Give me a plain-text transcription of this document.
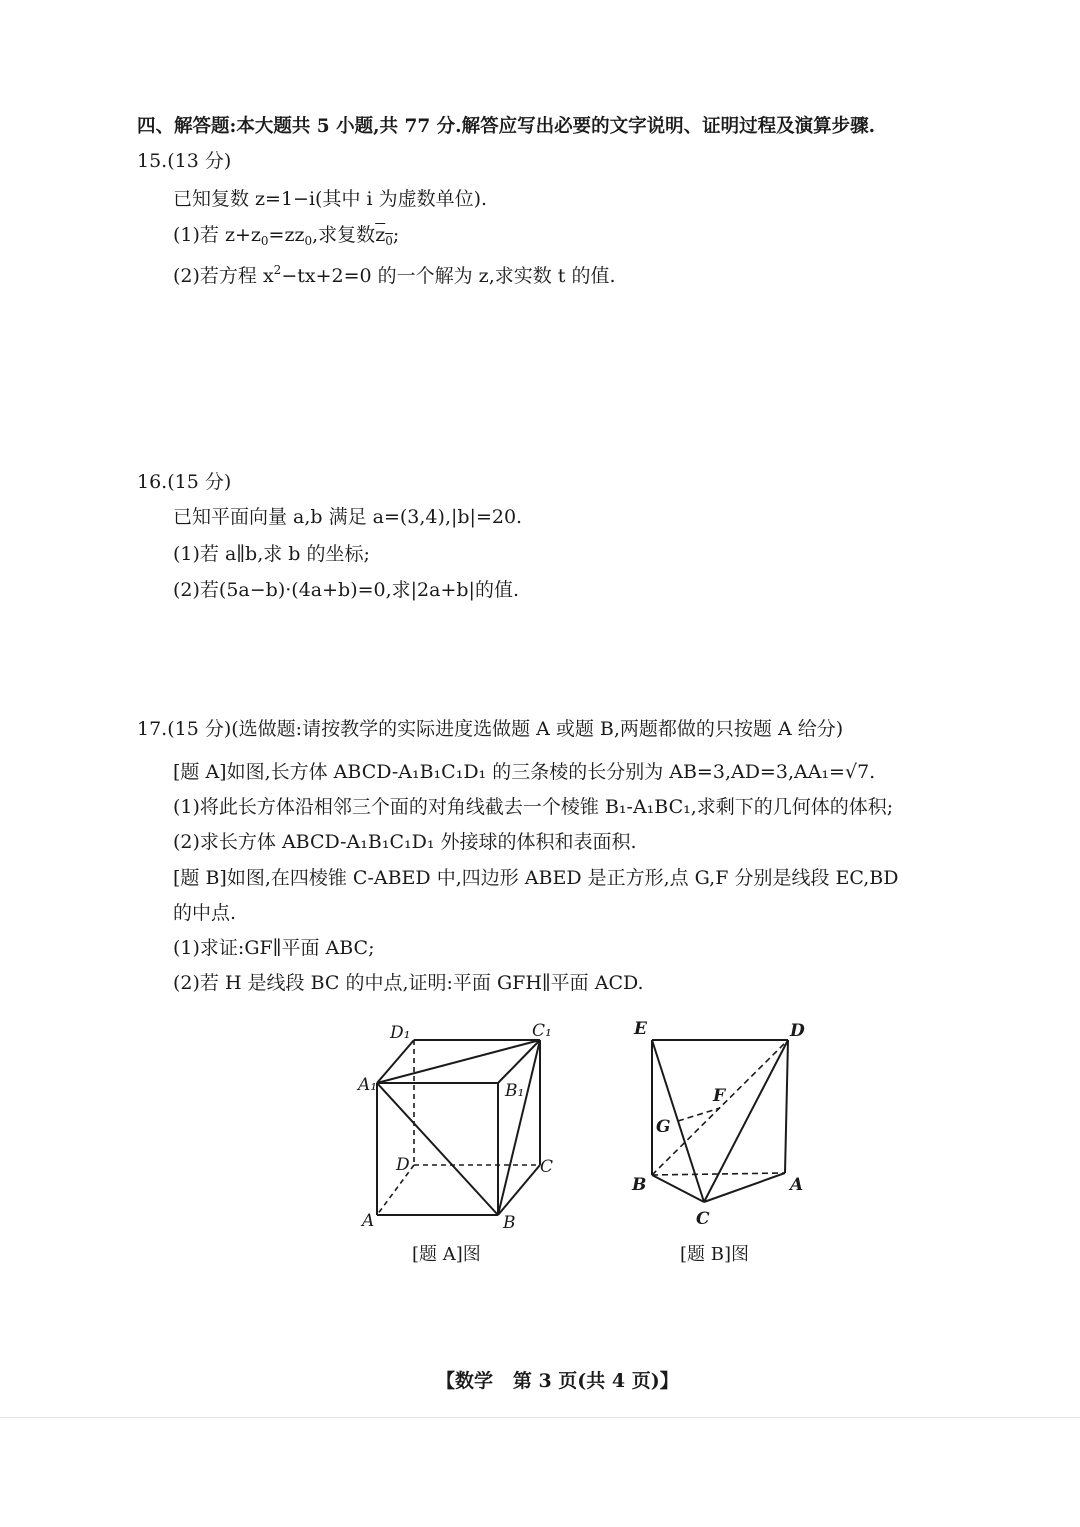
四、解答题:本大题共 5 小题,共 77 分.解答应写出必要的文字说明、证明过程及演算步骤.
15.(13 分)
已知复数 z=1−i(其中 i 为虚数单位).
(1)若 $z+z_0=zz_0$,求复数$z_0$;
(2)若方程 $x^2-tx+2=0$ 的一个解为 z,求实数 t 的值.
16.(15 分)
已知平面向量 a,b 满足 a=(3,4),|b|=20.
(1)若 a∥b,求 b 的坐标;
(2)若(5a−b)·(4a+b)=0,求|2a+b|的值.
17.(15 分)(选做题:请按教学的实际进度选做题 A 或题 B,两题都做的只按题 A 给分)
[题 A]如图,长方体 ABCD-A₁B₁C₁D₁ 的三条棱的长分别为 AB=3,AD=3,AA₁=√7.
(1)将此长方体沿相邻三个面的对角线截去一个棱锥 B₁-A₁BC₁,求剩下的几何体的体积;
(2)求长方体 ABCD-A₁B₁C₁D₁ 外接球的体积和表面积.
[题 B]如图,在四棱锥 C-ABED 中,四边形 ABED 是正方形,点 G,F 分别是线段 EC,BD
的中点.
(1)求证:GF∥平面 ABC;
(2)若 H 是线段 BC 的中点,证明:平面 GFH∥平面 ACD.
D₁	C₁
A₁	B₁
D	C
A	B
[题 A]图
E	D
F
G
B	A
C
[题 B]图
【数学   第 3 页(共 4 页)】
